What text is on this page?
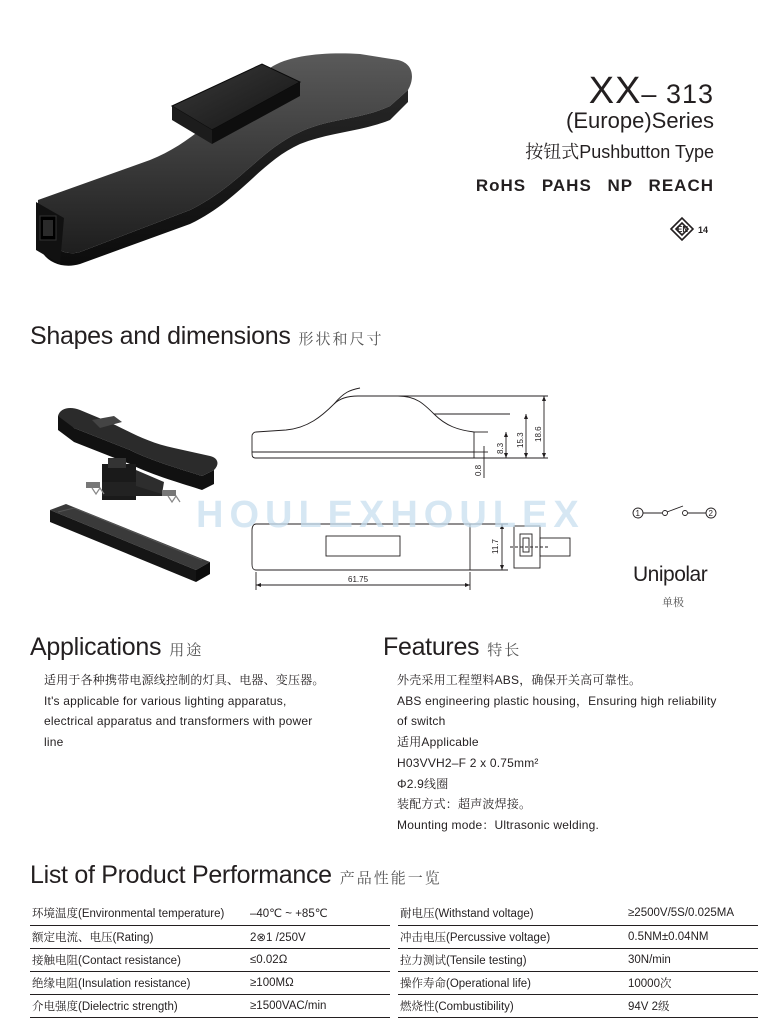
XX– 313
(Europe)Series
按钮式Pushbutton Type
RoHS PAHS NP REACH
EN 14
Shapes and dimensions 形状和尺寸
18.6
15.3
8.3
0.8
11.7
61.75
HOULEXHOULEX	1	2
Unipolar
单极
Applications 用途
适用于各种携带电源线控制的灯具、电器、变压器。
It's applicable for various lighting apparatus,
electrical apparatus and transformers with power
line
Features 特长
外壳采用工程塑料ABS，确保开关高可靠性。
ABS engineering plastic housing，Ensuring high reliability
of switch
适用Applicable
H03VVH2–F 2 x 0.75mm²
Φ2.9线圈
装配方式：超声波焊接。
Mounting mode：Ultrasonic welding.
List of Product Performance 产品性能一览
环境温度(Environmental temperature)	–40℃ ~ +85℃
额定电流、电压(Rating)	2⊗1 /250V
接触电阻(Contact resistance)	≤0.02Ω
绝缘电阻(Insulation resistance)	≥100MΩ
介电强度(Dielectric strength)	≥1500VAC/min
耐电压(Withstand voltage)	≥2500V/5S/0.025MA
冲击电压(Percussive voltage)	0.5NM±0.04NM
拉力测试(Tensile testing)	30N/min
操作寿命(Operational life)	10000次
燃烧性(Combustibility)	94V 2级
